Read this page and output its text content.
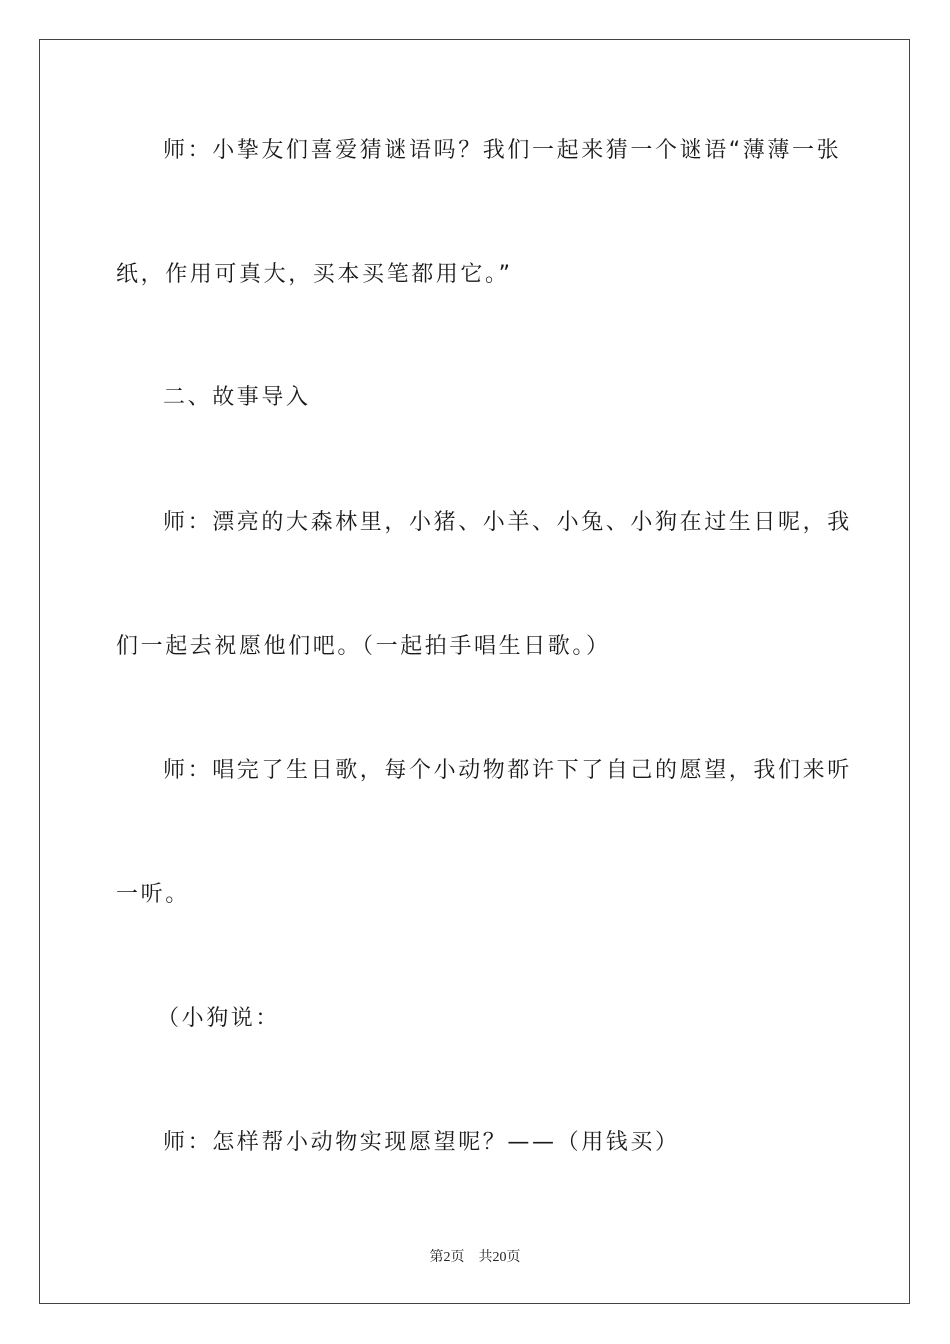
师：小挚友们喜爱猜谜语吗？我们一起来猜一个谜语“薄薄一张
纸，作用可真大，买本买笔都用它。”
二、故事导入
师：漂亮的大森林里，小猪、小羊、小兔、小狗在过生日呢，我
们一起去祝愿他们吧。（一起拍手唱生日歌。）
师：唱完了生日歌，每个小动物都许下了自己的愿望，我们来听
一听。
（小狗说：
师：怎样帮小动物实现愿望呢？——（用钱买）
第2页 共20页
